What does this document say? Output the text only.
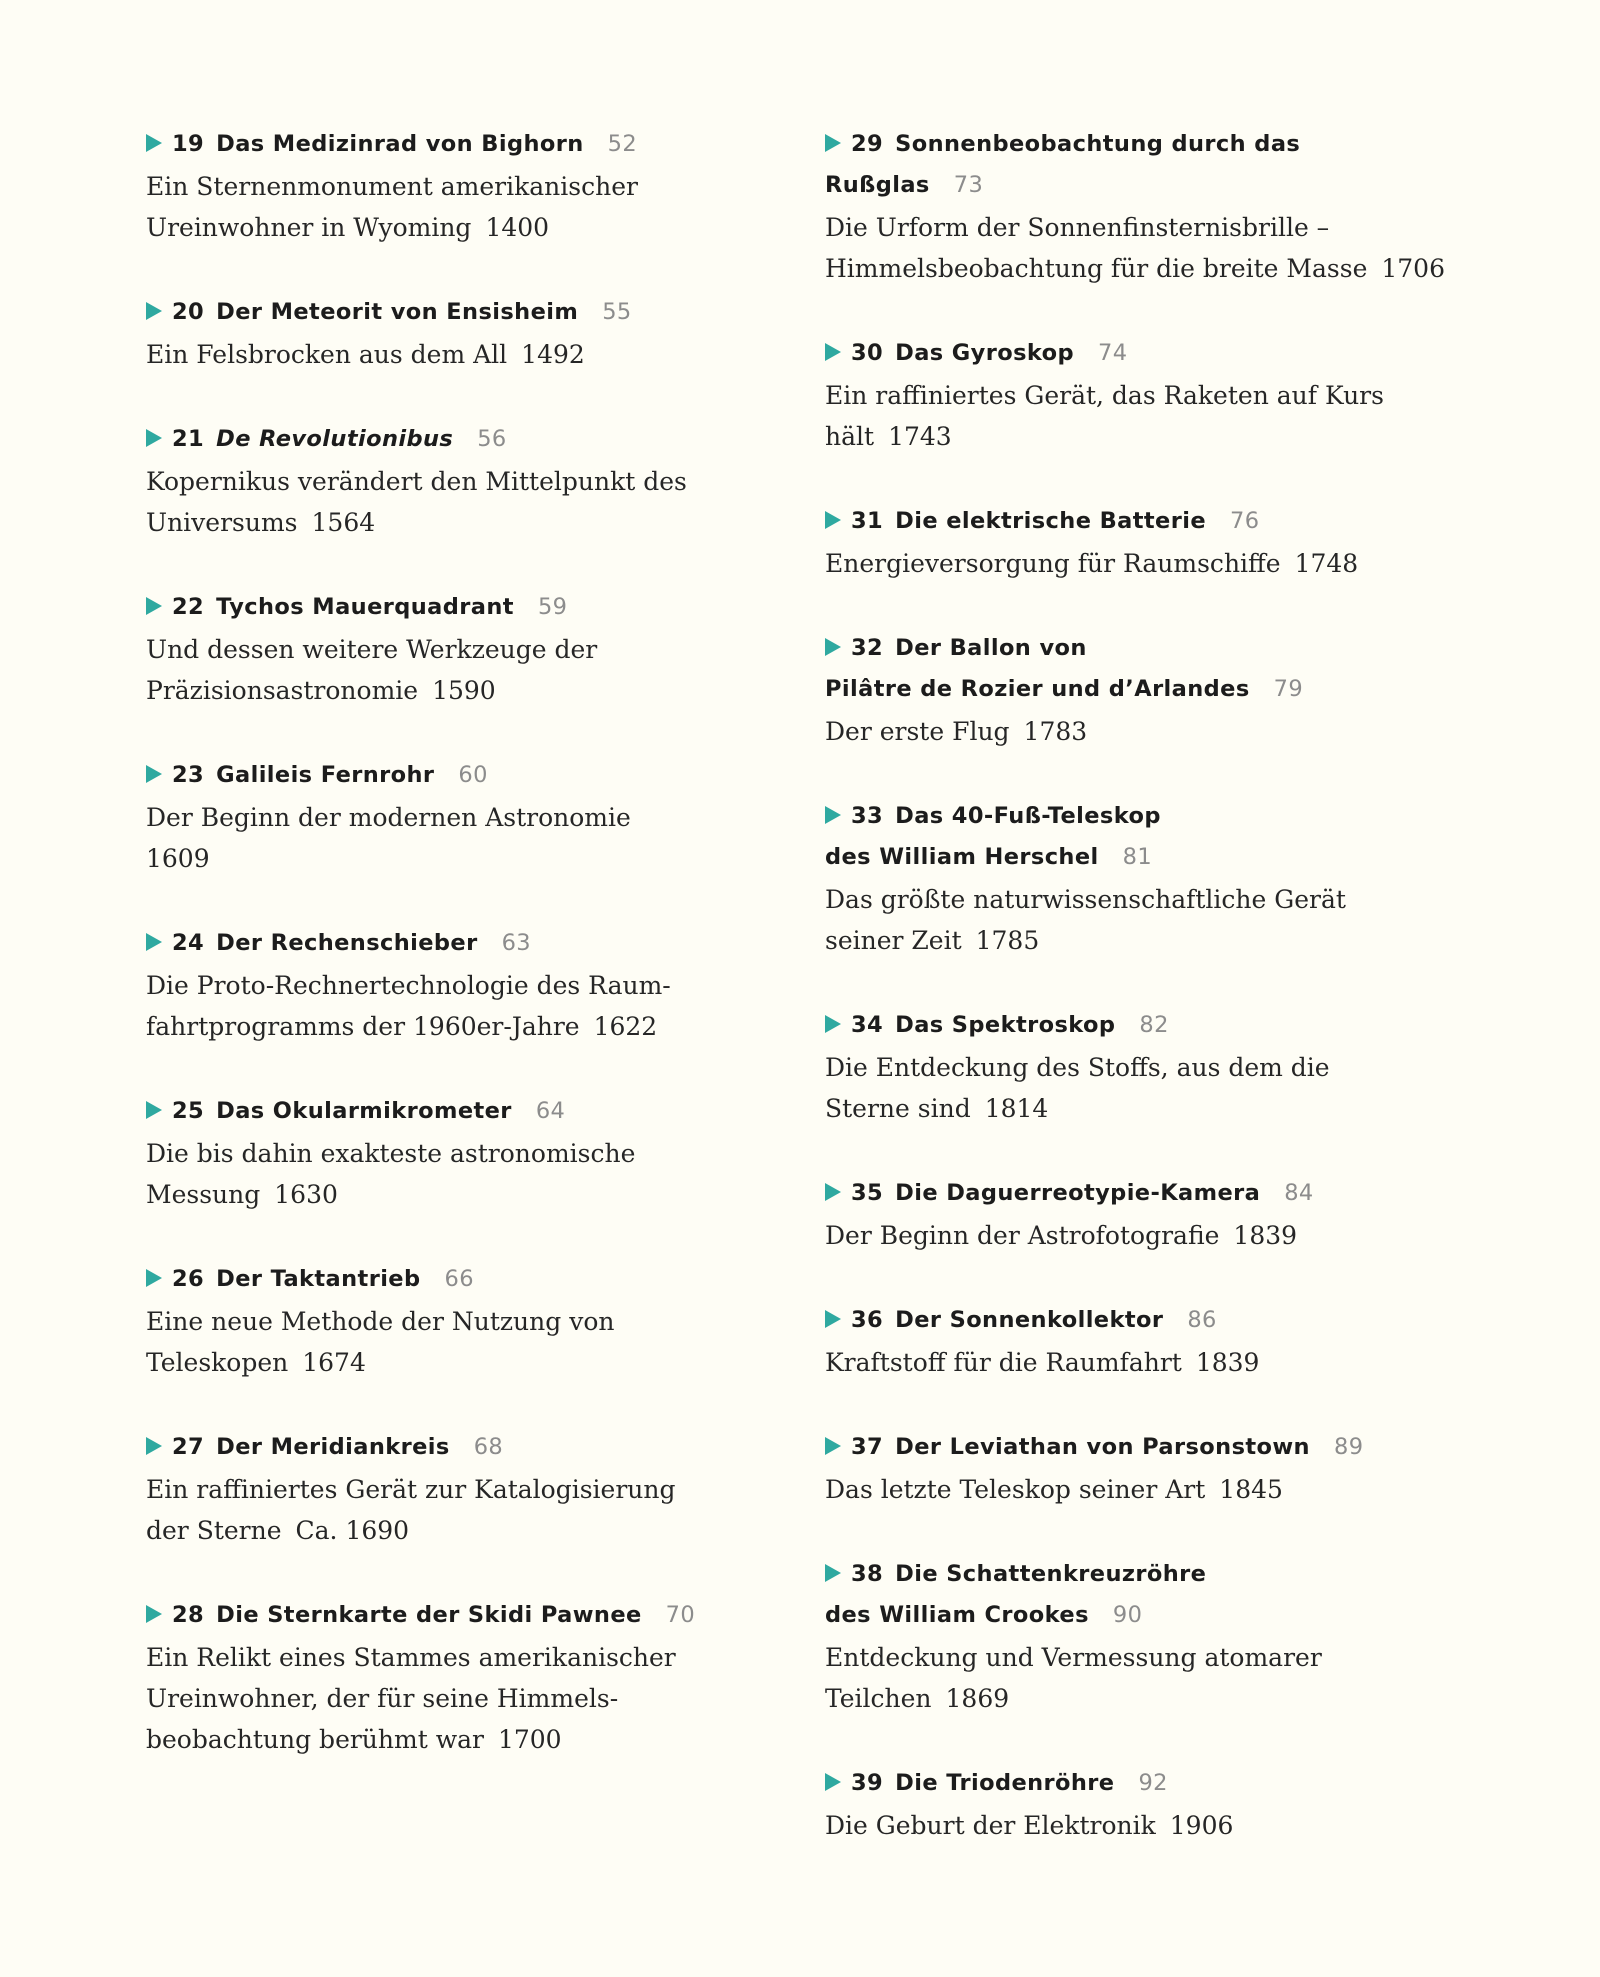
19 Das Medizinrad von Bighorn 52
Ein Sternenmonument amerikanischer
Ureinwohner in Wyoming 1400
20 Der Meteorit von Ensisheim 55
Ein Felsbrocken aus dem All 1492
21 De Revolutionibus 56
Kopernikus verändert den Mittelpunkt des
Universums 1564
22 Tychos Mauerquadrant 59
Und dessen weitere Werkzeuge der
Präzisionsastronomie 1590
23 Galileis Fernrohr 60
Der Beginn der modernen Astronomie
1609
24 Der Rechenschieber 63
Die Proto-Rechnertechnologie des Raum-
fahrtprogramms der 1960er-Jahre 1622
25 Das Okularmikrometer 64
Die bis dahin exakteste astronomische
Messung 1630
26 Der Taktantrieb 66
Eine neue Methode der Nutzung von
Teleskopen 1674
27 Der Meridiankreis 68
Ein raffiniertes Gerät zur Katalogisierung
der Sterne Ca. 1690
28 Die Sternkarte der Skidi Pawnee 70
Ein Relikt eines Stammes amerikanischer
Ureinwohner, der für seine Himmels-
beobachtung berühmt war 1700
29 Sonnenbeobachtung durch das Rußglas 73
Die Urform der Sonnenfinsternisbrille –
Himmelsbeobachtung für die breite Masse 1706
30 Das Gyroskop 74
Ein raffiniertes Gerät, das Raketen auf Kurs
hält 1743
31 Die elektrische Batterie 76
Energieversorgung für Raumschiffe 1748
32 Der Ballon von
Pilâtre de Rozier und d’Arlandes 79
Der erste Flug 1783
33 Das 40-Fuß-Teleskop
des William Herschel 81
Das größte naturwissenschaftliche Gerät
seiner Zeit 1785
34 Das Spektroskop 82
Die Entdeckung des Stoffs, aus dem die
Sterne sind 1814
35 Die Daguerreotypie-Kamera 84
Der Beginn der Astrofotografie 1839
36 Der Sonnenkollektor 86
Kraftstoff für die Raumfahrt 1839
37 Der Leviathan von Parsonstown 89
Das letzte Teleskop seiner Art 1845
38 Die Schattenkreuzröhre
des William Crookes 90
Entdeckung und Vermessung atomarer
Teilchen 1869
39 Die Triodenröhre 92
Die Geburt der Elektronik 1906
